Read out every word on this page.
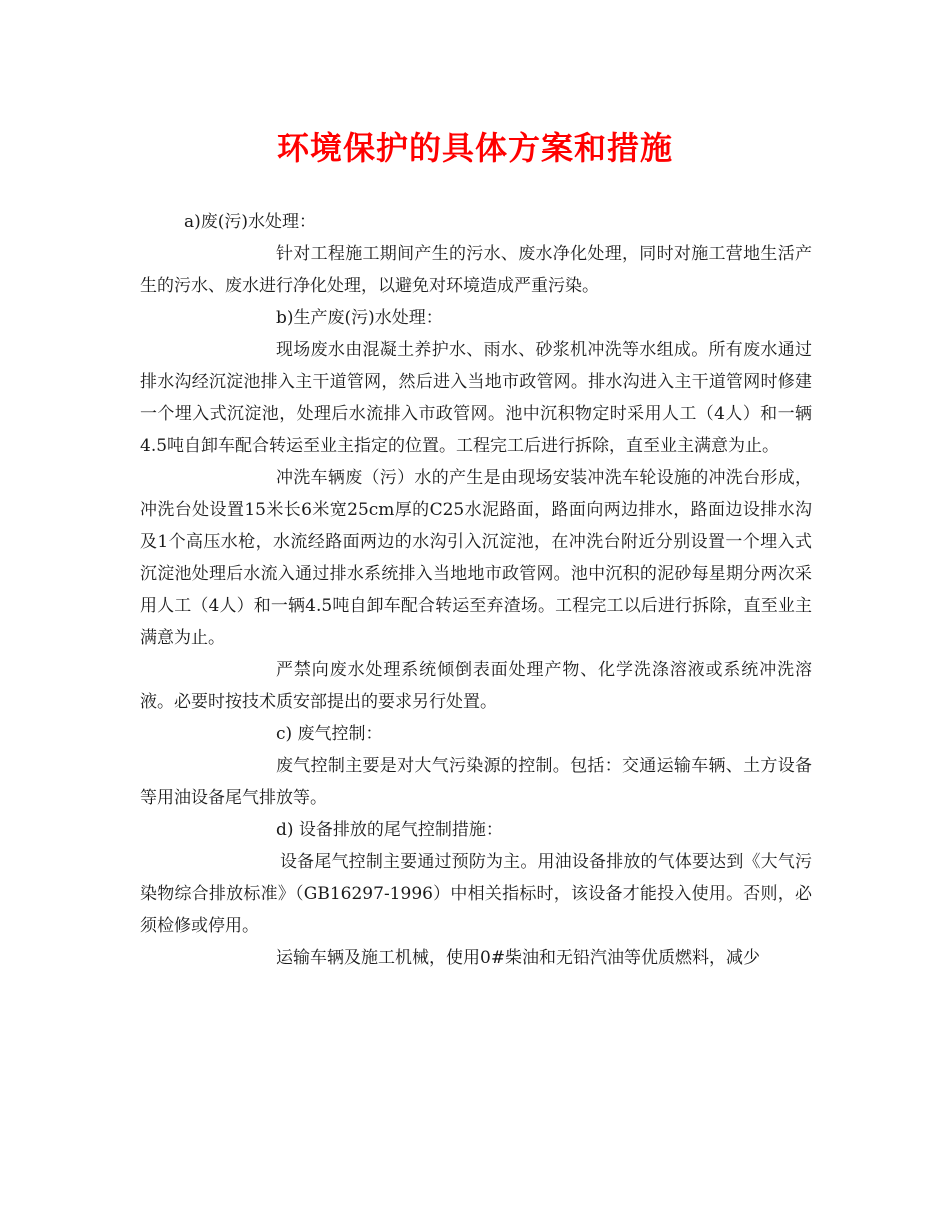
环境保护的具体方案和措施

a)废(污)水处理：

针对工程施工期间产生的污水、废水净化处理，同时对施工营地生活产生的污水、废水进行净化处理，以避免对环境造成严重污染。

b)生产废(污)水处理：

现场废水由混凝土养护水、雨水、砂浆机冲洗等水组成。所有废水通过排水沟经沉淀池排入主干道管网，然后进入当地市政管网。排水沟进入主干道管网时修建一个埋入式沉淀池，处理后水流排入市政管网。池中沉积物定时采用人工（4人）和一辆4.5吨自卸车配合转运至业主指定的位置。工程完工后进行拆除，直至业主满意为止。

冲洗车辆废（污）水的产生是由现场安装冲洗车轮设施的冲洗台形成，冲洗台处设置15米长6米宽25cm厚的C25水泥路面，路面向两边排水，路面边设排水沟及1个高压水枪，水流经路面两边的水沟引入沉淀池，在冲洗台附近分别设置一个埋入式沉淀池处理后水流入通过排水系统排入当地地市政管网。池中沉积的泥砂每星期分两次采用人工（4人）和一辆4.5吨自卸车配合转运至弃渣场。工程完工以后进行拆除，直至业主满意为止。

严禁向废水处理系统倾倒表面处理产物、化学洗涤溶液或系统冲洗溶液。必要时按技术质安部提出的要求另行处置。

c) 废气控制：

废气控制主要是对大气污染源的控制。包括：交通运输车辆、土方设备等用油设备尾气排放等。

d) 设备排放的尾气控制措施：

设备尾气控制主要通过预防为主。用油设备排放的气体要达到《大气污染物综合排放标准》（GB16297-1996）中相关指标时，该设备才能投入使用。否则，必须检修或停用。

运输车辆及施工机械，使用0#柴油和无铅汽油等优质燃料，减少
